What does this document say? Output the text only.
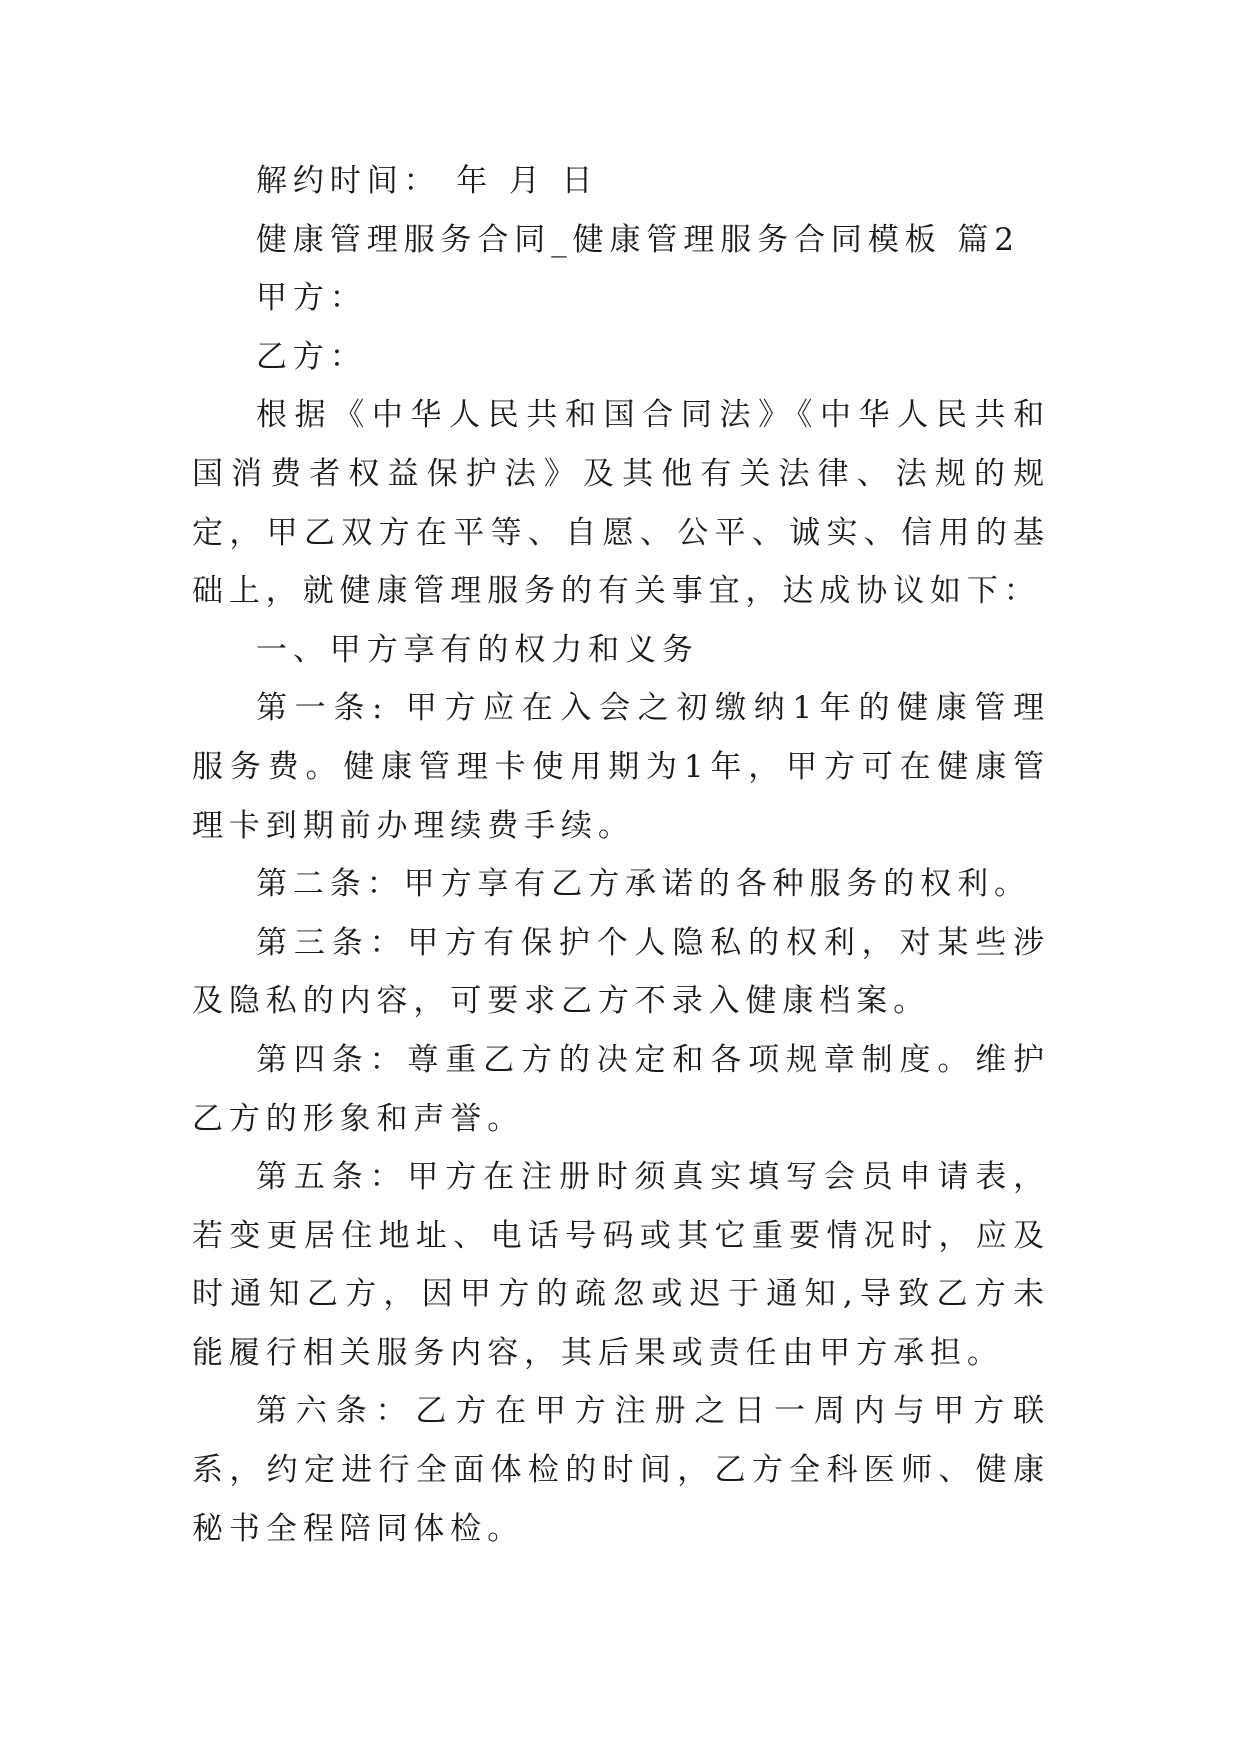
解约时间： 年 月 日

健康管理服务合同_健康管理服务合同模板 篇2

甲方：

乙方：

根据《中华人民共和国合同法》《中华人民共和国消费者权益保护法》及其他有关法律、法规的规定，甲乙双方在平等、自愿、公平、诚实、信用的基础上，就健康管理服务的有关事宜，达成协议如下：

一、甲方享有的权力和义务

第一条: 甲方应在入会之初缴纳1年的健康管理服务费。健康管理卡使用期为1年，甲方可在健康管理卡到期前办理续费手续。

第二条：甲方享有乙方承诺的各种服务的权利。

第三条：甲方有保护个人隐私的权利，对某些涉及隐私的内容，可要求乙方不录入健康档案。

第四条：尊重乙方的决定和各项规章制度。维护乙方的形象和声誉。

第五条：甲方在注册时须真实填写会员申请表，若变更居住地址、电话号码或其它重要情况时，应及时通知乙方，因甲方的疏忽或迟于通知,导致乙方未能履行相关服务内容，其后果或责任由甲方承担。

第六条：乙方在甲方注册之日一周内与甲方联系，约定进行全面体检的时间，乙方全科医师、健康秘书全程陪同体检。
